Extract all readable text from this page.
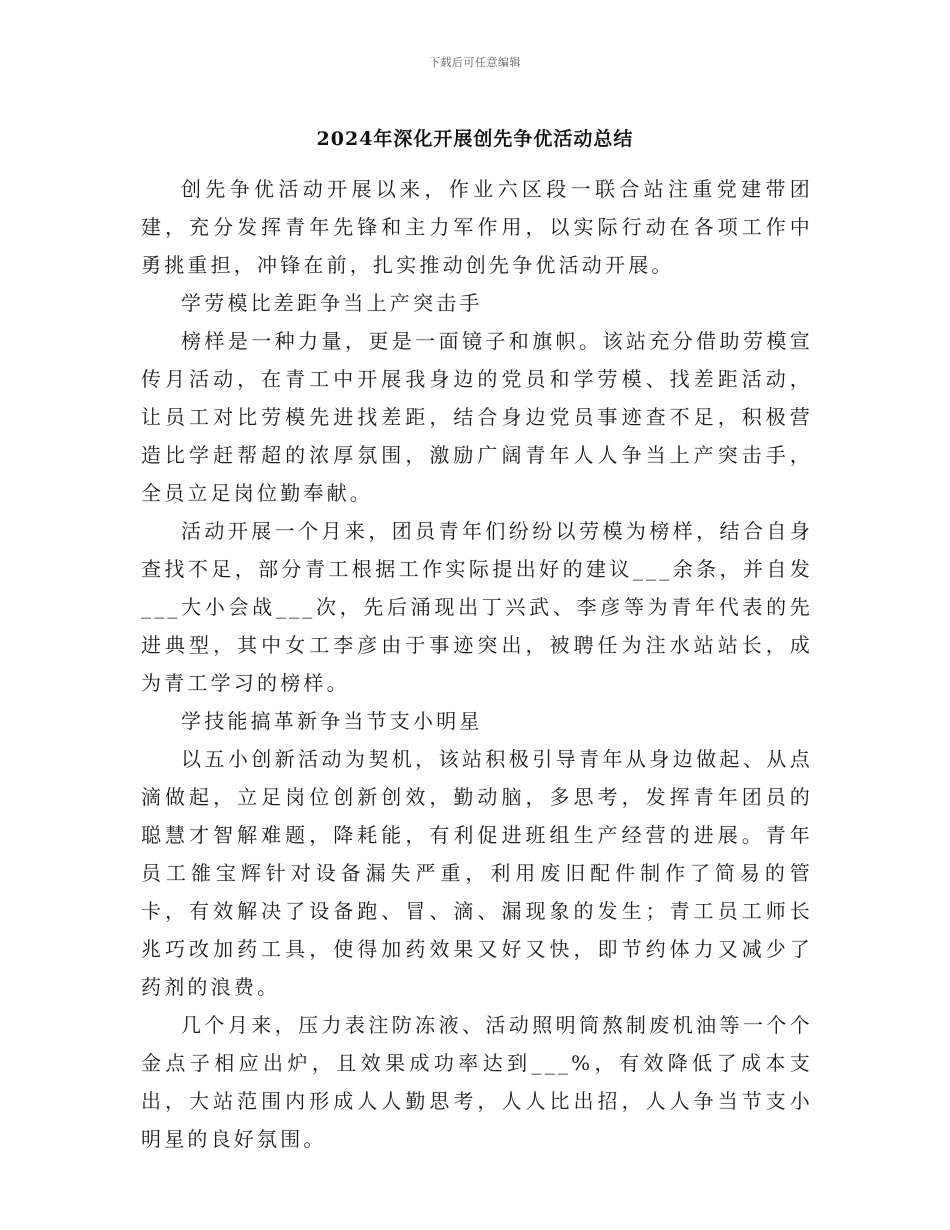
下载后可任意编辑
2024年深化开展创先争优活动总结

创先争优活动开展以来，作业六区段一联合站注重党建带团建，充分发挥青年先锋和主力军作用，以实际行动在各项工作中勇挑重担，冲锋在前，扎实推动创先争优活动开展。

学劳模比差距争当上产突击手

榜样是一种力量，更是一面镜子和旗帜。该站充分借助劳模宣传月活动，在青工中开展我身边的党员和学劳模、找差距活动，让员工对比劳模先进找差距，结合身边党员事迹查不足，积极营造比学赶帮超的浓厚氛围，激励广阔青年人人争当上产突击手，全员立足岗位勤奉献。

活动开展一个月来，团员青年们纷纷以劳模为榜样，结合自身查找不足，部分青工根据工作实际提出好的建议___余条，并自发___大小会战___次，先后涌现出丁兴武、李彦等为青年代表的先进典型，其中女工李彦由于事迹突出，被聘任为注水站站长，成为青工学习的榜样。

学技能搞革新争当节支小明星

以五小创新活动为契机，该站积极引导青年从身边做起、从点滴做起，立足岗位创新创效，勤动脑，多思考，发挥青年团员的聪慧才智解难题，降耗能，有利促进班组生产经营的进展。青年员工雒宝辉针对设备漏失严重，利用废旧配件制作了简易的管卡，有效解决了设备跑、冒、滴、漏现象的发生；青工员工师长兆巧改加药工具，使得加药效果又好又快，即节约体力又减少了药剂的浪费。

几个月来，压力表注防冻液、活动照明筒熬制废机油等一个个金点子相应出炉，且效果成功率达到___%，有效降低了成本支出，大站范围内形成人人勤思考，人人比出招，人人争当节支小明星的良好氛围。
